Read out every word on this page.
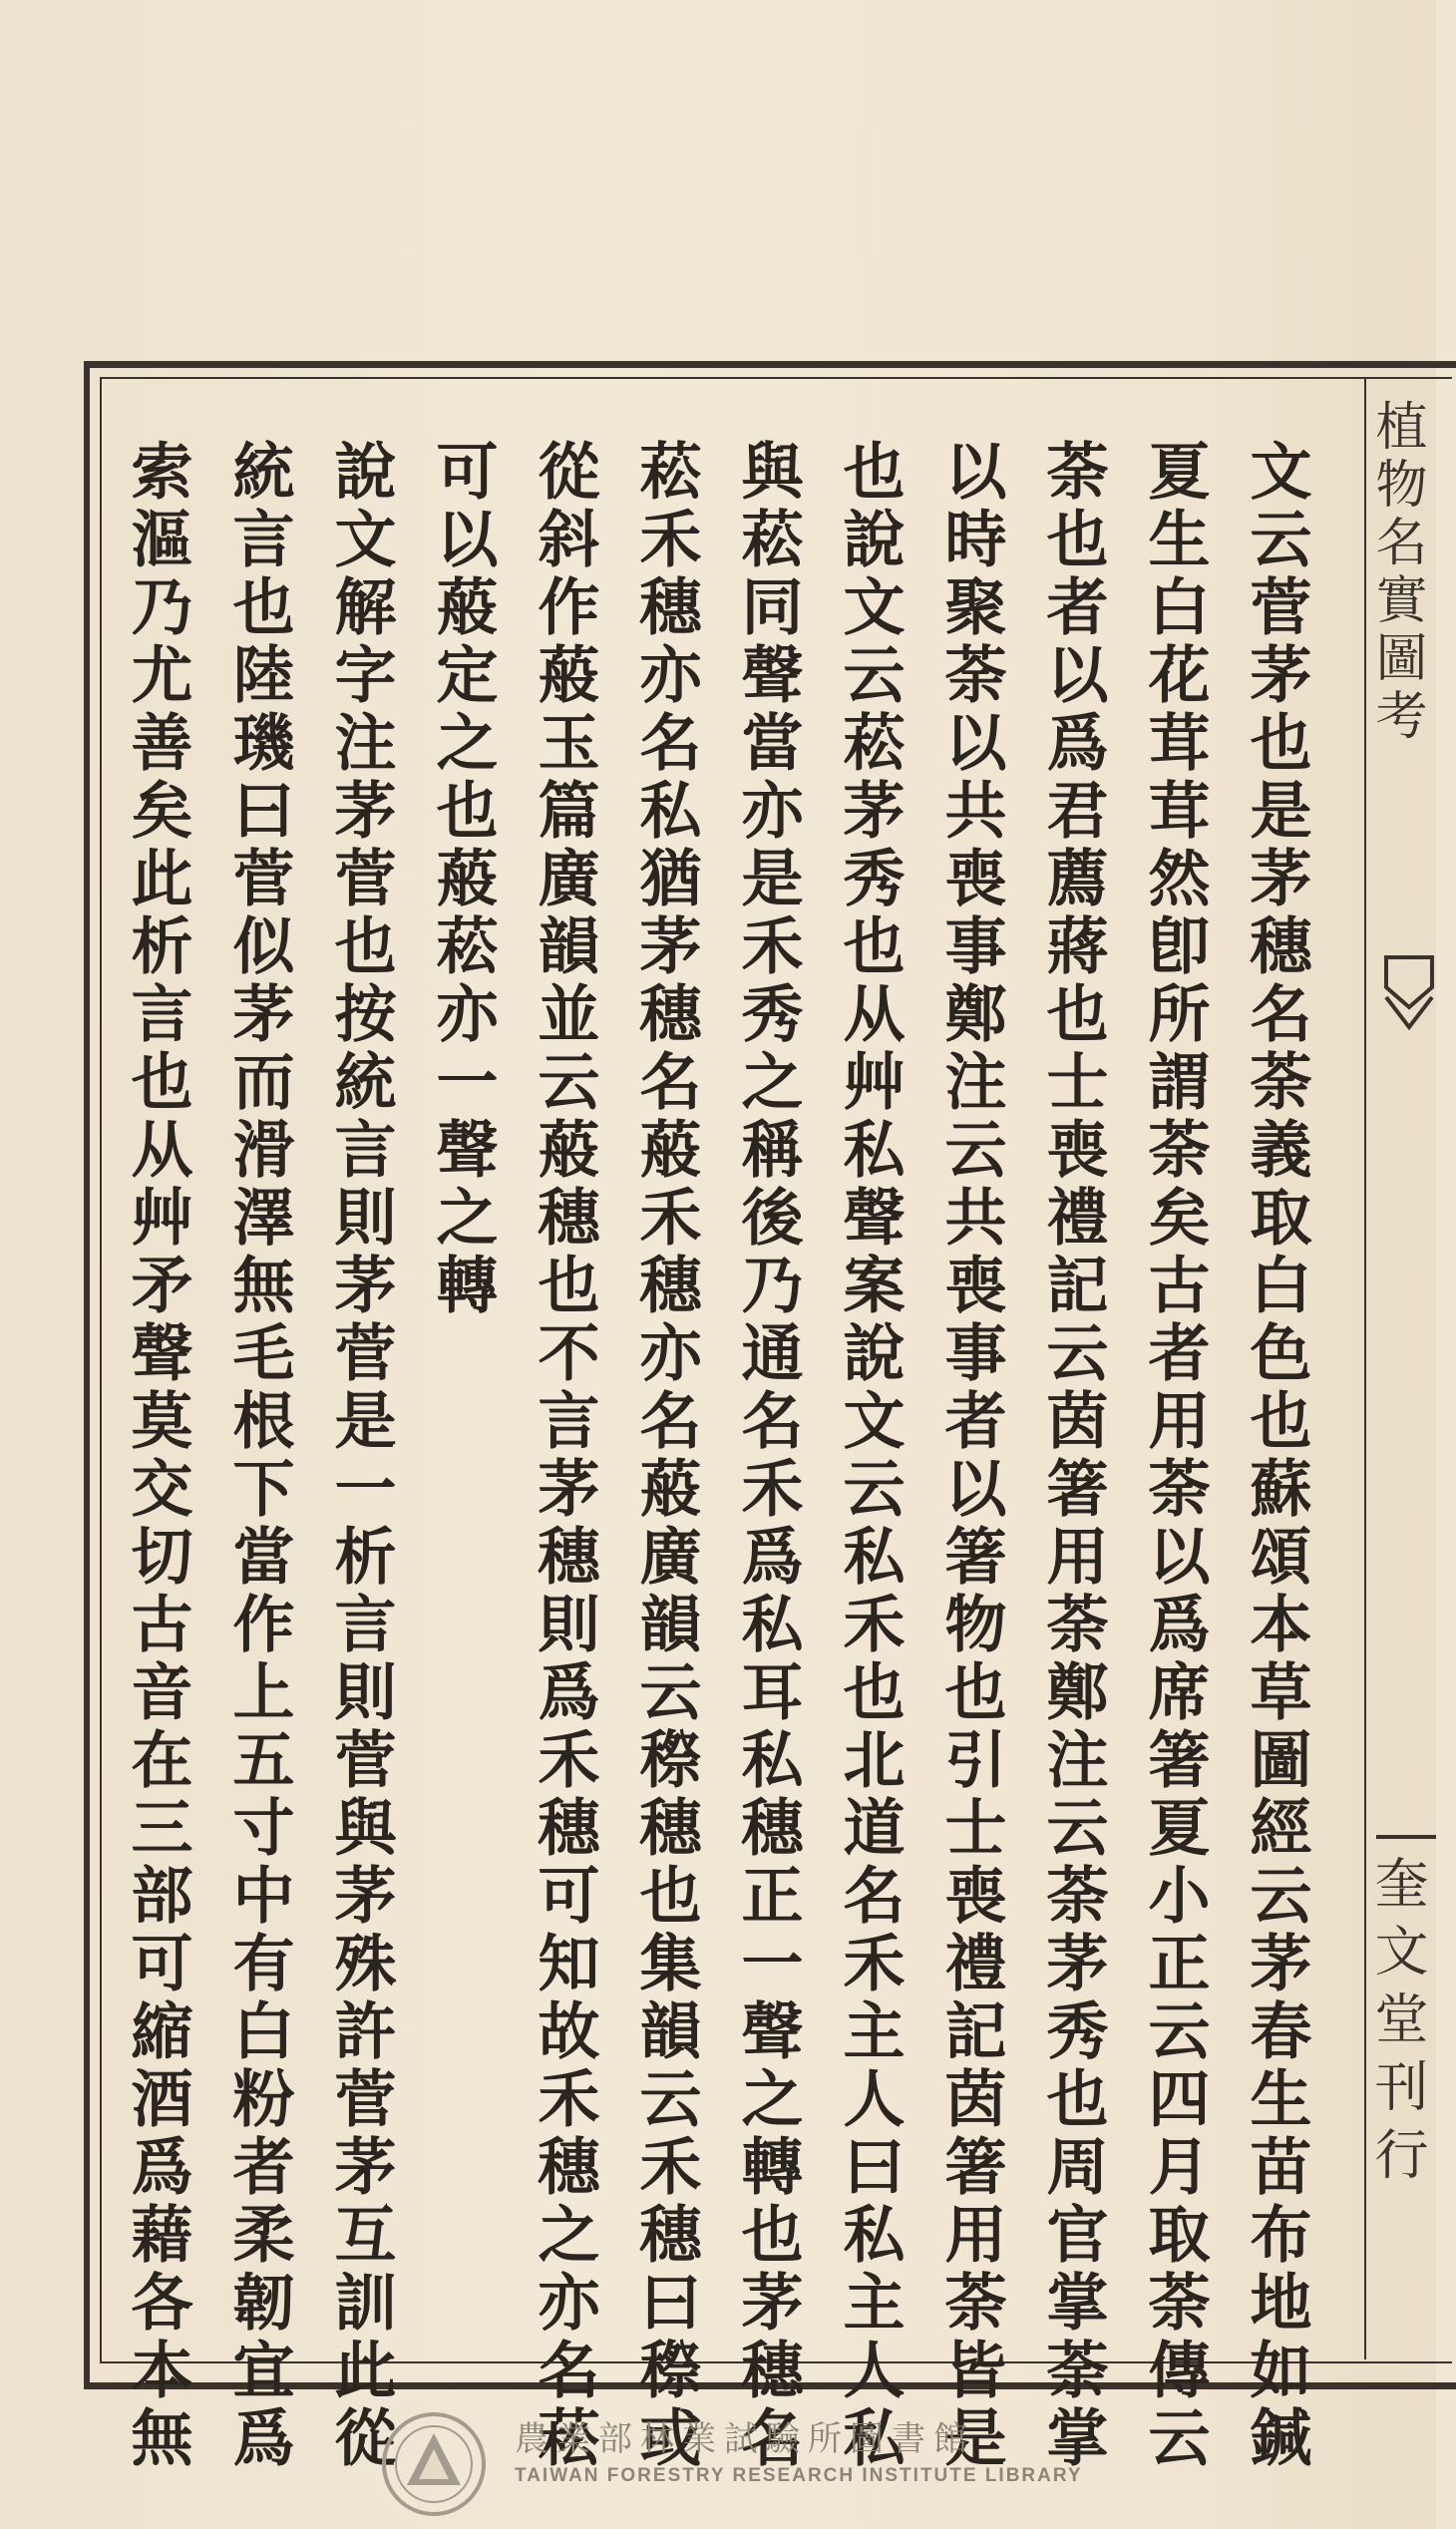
文云菅茅也是茅穗名荼義取白色也蘇頌本草圖經云茅春生苗布地如鍼
夏生白花茸茸然卽所謂荼矣古者用荼以爲席箸夏小正云四月取荼傳云
荼也者以爲君薦蔣也士喪禮記云茵箸用荼鄭注云荼茅秀也周官掌荼掌
以時聚荼以共喪事鄭注云共喪事者以箸物也引士喪禮記茵箸用荼皆是
也說文云菘茅秀也从艸私聲案說文云私禾也北道名禾主人曰私主人私
與菘同聲當亦是禾秀之稱後乃通名禾爲私耳私穗正一聲之轉也茅穗名
菘禾穗亦名私猶茅穗名蒰禾穗亦名蒰廣韻云穄穗也集韻云禾穗曰穄或
從斜作蒰玉篇廣韻並云蒰穗也不言茅穗則爲禾穗可知故禾穗之亦名菘
可以蒰定之也蒰菘亦一聲之轉
說文解字注茅菅也按統言則茅菅是一析言則菅與茅殊許菅茅互訓此從
統言也陸璣曰菅似茅而滑澤無毛根下當作上五寸中有白粉者柔韌宜爲
索漚乃尤善矣此析言也从艸矛聲莫交切古音在三部可縮酒爲藉各本無	植物名實圖考
奎文堂刊行
農業部林業試驗所圖書館
TAIWAN FORESTRY RESEARCH INSTITUTE LIBRARY
